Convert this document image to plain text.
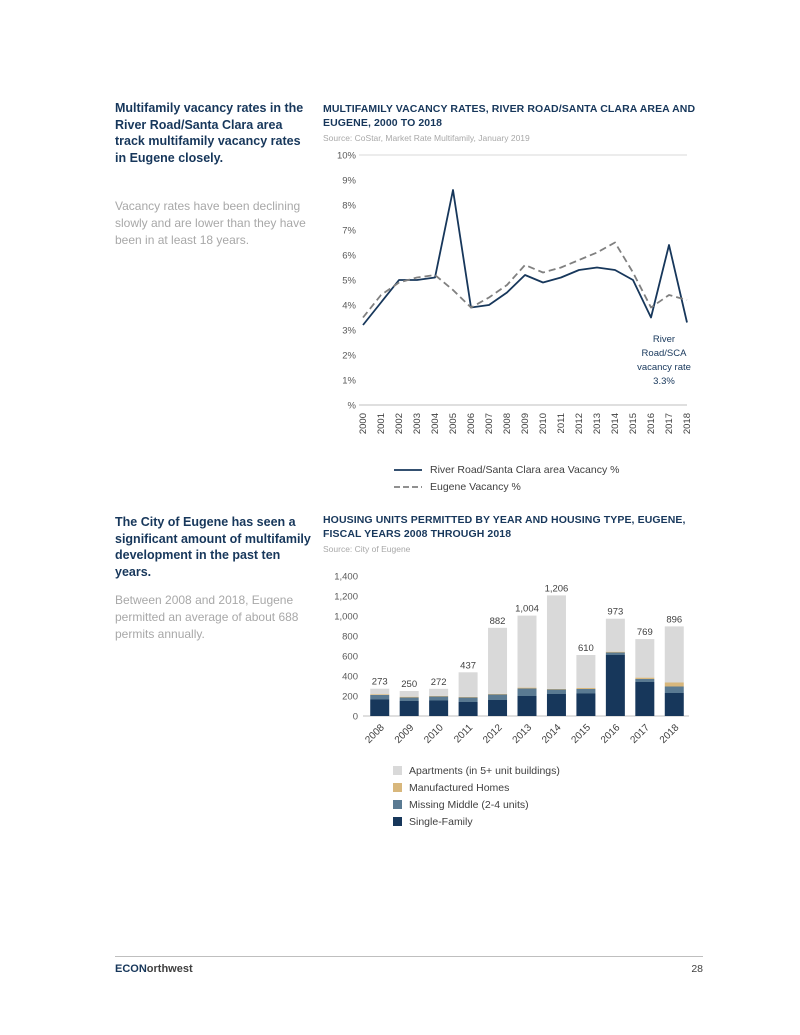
Multifamily vacancy rates in the River Road/Santa Clara area track multifamily vacancy rates in Eugene closely.
Vacancy rates have been declining slowly and are lower than they have been in at least 18 years.
MULTIFAMILY VACANCY RATES, RIVER ROAD/SANTA CLARA AREA AND EUGENE, 2000 TO 2018
Source: CoStar, Market Rate Multifamily, January 2019
%
1%
2%
3%
4%
5%
6%
7%
8%
9%
10%
2000 2001 2002 2003 2004 2005 2006 2007 2008 2009 2010 2011 2012 2013 2014 2015 2016 2017 2018
River
Road/SCA
vacancy rate
3.3%
River Road/Santa Clara area Vacancy %
Eugene Vacancy %
The City of Eugene has seen a significant amount of multifamily development in the past ten years.
Between 2008 and 2018, Eugene permitted an average of about 688 permits annually.
HOUSING UNITS PERMITTED BY YEAR AND HOUSING TYPE, EUGENE, FISCAL YEARS 2008 THROUGH 2018
Source: City of Eugene
0
200
400
600
800
1,000
1,200
1,400
273
2008
250
2009
272
2010
437
2011
882
2012
1,004
2013
1,206
2014
610
2015
973
2016
769
2017
896
2018
Apartments (in 5+ unit buildings)
Manufactured Homes
Missing Middle (2-4 units)
Single-Family
ECONorthwest	28
